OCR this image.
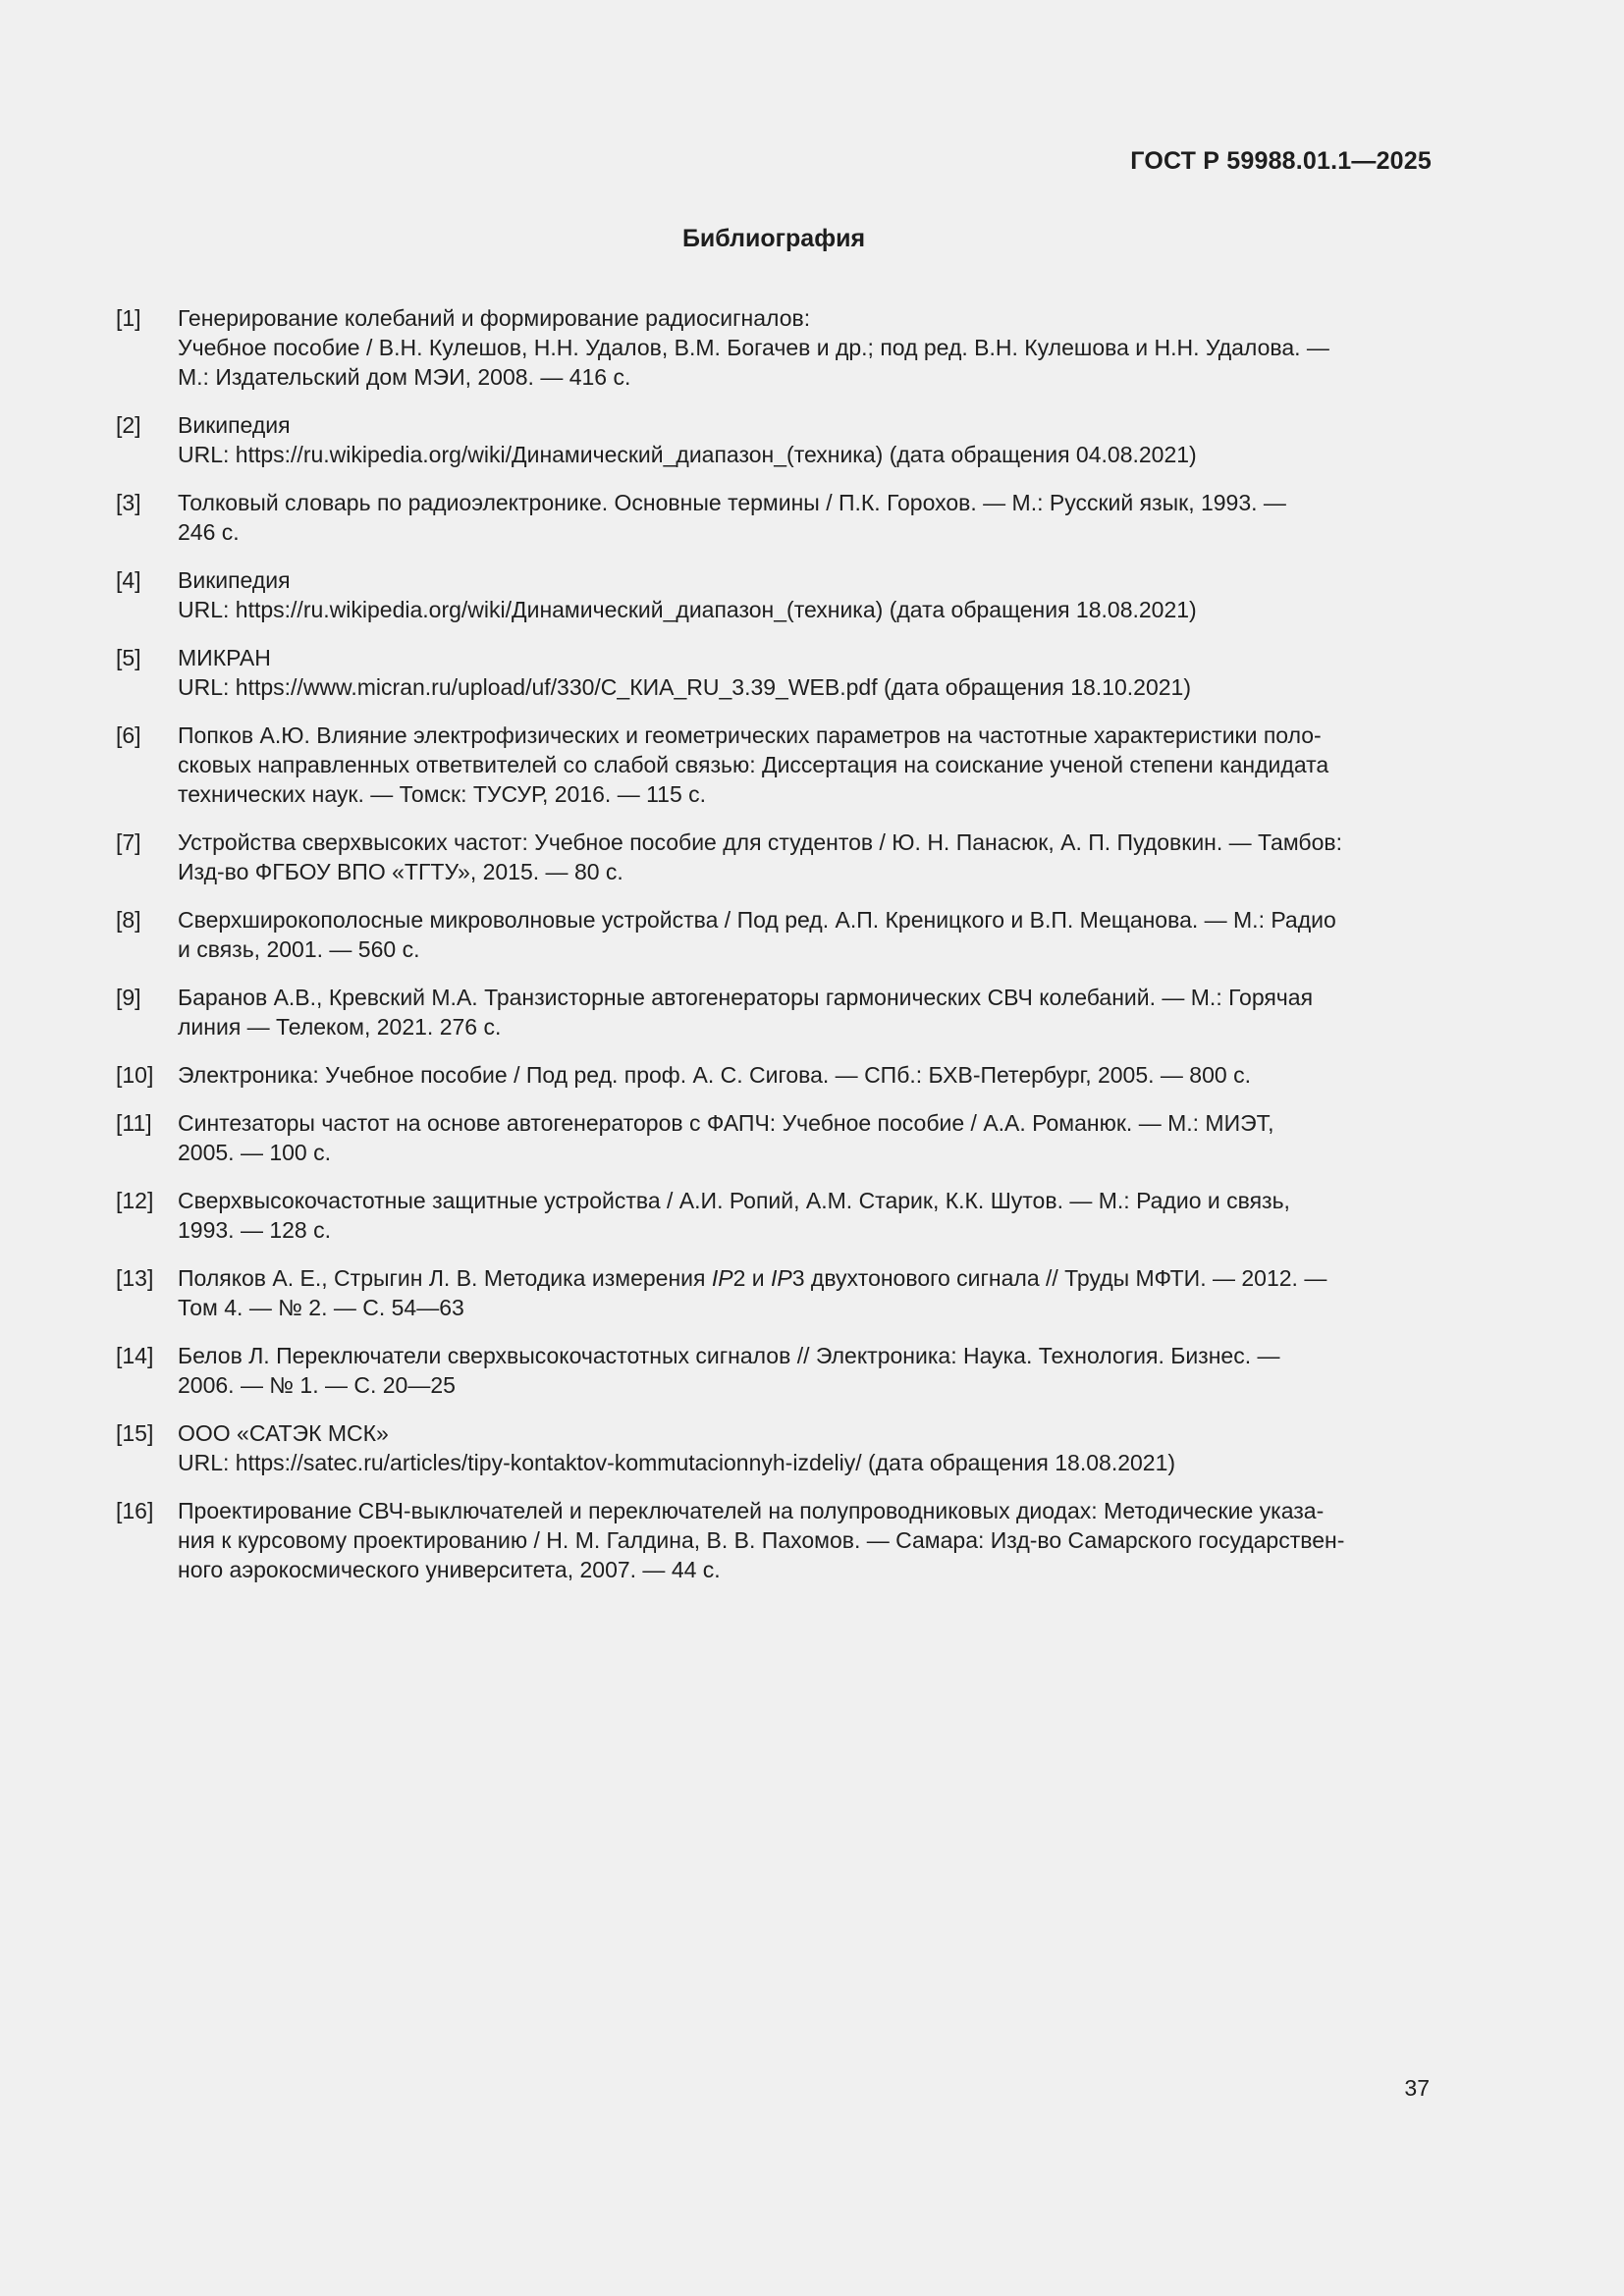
ГОСТ Р 59988.01.1—2025
Библиография
[1]	Генерирование колебаний и формирование радиосигналов:
Учебное пособие / В.Н. Кулешов, Н.Н. Удалов, В.М. Богачев и др.; под ред. В.Н. Кулешова и Н.Н. Удалова. —
М.: Издательский дом МЭИ, 2008. — 416 с.
[2]	Википедия
URL: https://ru.wikipedia.org/wiki/Динамический_диапазон_(техника) (дата обращения 04.08.2021)
[3]	Толковый словарь по радиоэлектронике. Основные термины / П.К. Горохов. — М.: Русский язык, 1993. —
246 с.
[4]	Википедия
URL: https://ru.wikipedia.org/wiki/Динамический_диапазон_(техника) (дата обращения 18.08.2021)
[5]	МИКРАН
URL: https://www.micran.ru/upload/uf/330/С_КИА_RU_3.39_WEB.pdf (дата обращения 18.10.2021)
[6]	Попков А.Ю. Влияние электрофизических и геометрических параметров на частотные характеристики поло-
сковых направленных ответвителей со слабой связью: Диссертация на соискание ученой степени кандидата
технических наук. — Томск: ТУСУР, 2016. — 115 с.
[7]	Устройства сверхвысоких частот: Учебное пособие для студентов / Ю. Н. Панасюк, А. П. Пудовкин. — Тамбов:
Изд-во ФГБОУ ВПО «ТГТУ», 2015. — 80 с.
[8]	Сверхширокополосные микроволновые устройства / Под ред. А.П. Креницкого и В.П. Мещанова. — М.: Радио
и связь, 2001. — 560 с.
[9]	Баранов А.В., Кревский М.А. Транзисторные автогенераторы гармонических СВЧ колебаний. — М.: Горячая
линия — Телеком, 2021. 276 с.
[10]	Электроника: Учебное пособие / Под ред. проф. А. С. Сигова. — СПб.: БХВ-Петербург, 2005. — 800 с.
[11]	Синтезаторы частот на основе автогенераторов с ФАПЧ: Учебное пособие / А.А. Романюк. — М.: МИЭТ,
2005. — 100 с.
[12]	Сверхвысокочастотные защитные устройства / А.И. Ропий, А.М. Старик, К.К. Шутов. — М.: Радио и связь,
1993. — 128 с.
[13]	Поляков А. Е., Стрыгин Л. В. Методика измерения IP2 и IP3 двухтонового сигнала // Труды МФТИ. — 2012. —
Том 4. — № 2. — С. 54—63
[14]	Белов Л. Переключатели сверхвысокочастотных сигналов // Электроника: Наука. Технология. Бизнес. —
2006. — № 1. — С. 20—25
[15]	ООО «САТЭК МСК»
URL: https://satec.ru/articles/tipy-kontaktov-kommutacionnyh-izdeliy/ (дата обращения 18.08.2021)
[16]	Проектирование СВЧ-выключателей и переключателей на полупроводниковых диодах: Методические указа-
ния к курсовому проектированию / Н. М. Галдина, В. В. Пахомов. — Самара: Изд-во Самарского государствен-
ного аэрокосмического университета, 2007. — 44 с.
37
